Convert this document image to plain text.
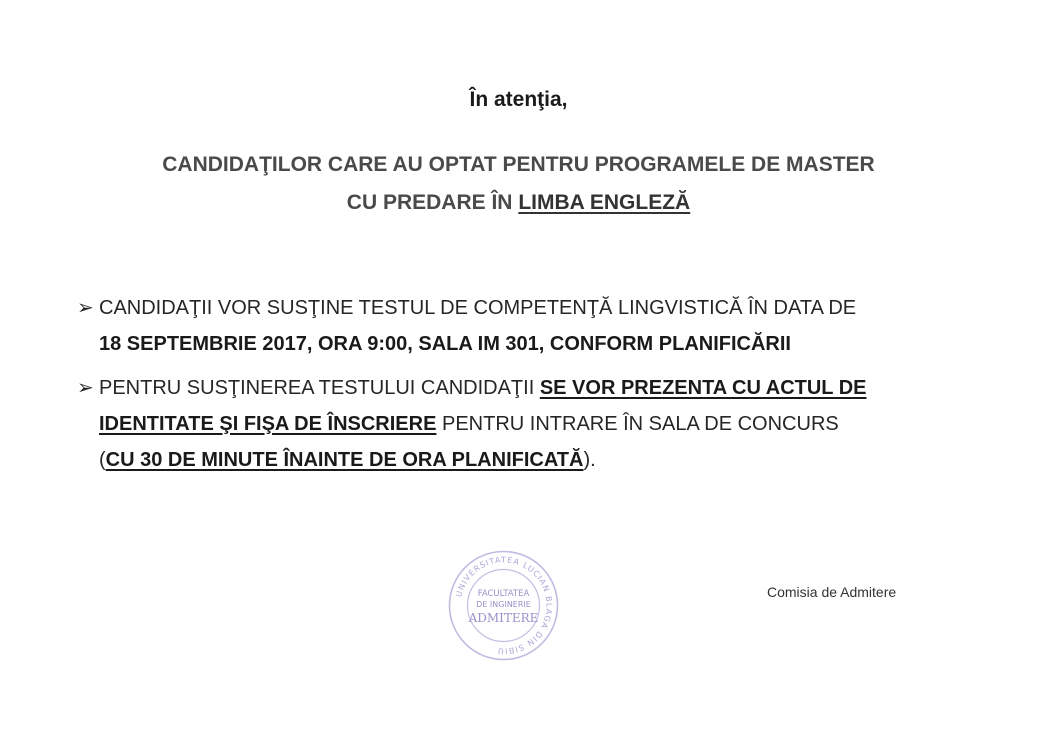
În atenţia,
CANDIDAŢILOR CARE AU OPTAT PENTRU PROGRAMELE DE MASTER
CU PREDARE ÎN LIMBA ENGLEZĂ
➢ CANDIDAŢII VOR SUSŢINE TESTUL DE COMPETENŢĂ LINGVISTICĂ ÎN DATA DE
18 SEPTEMBRIE 2017, ORA 9:00, SALA IM 301, CONFORM PLANIFICĂRII
➢ PENTRU SUSŢINEREA TESTULUI CANDIDAŢII SE VOR PREZENTA CU ACTUL DE
IDENTITATE ŞI FIŞA DE ÎNSCRIERE PENTRU INTRARE ÎN SALA DE CONCURS
(CU 30 DE MINUTE ÎNAINTE DE ORA PLANIFICATĂ).
UNIVERSITATEA LUCIAN BLAGA DIN SIBIU
FACULTATEA
DE INGINERIE
ADMITERE
Comisia de Admitere
